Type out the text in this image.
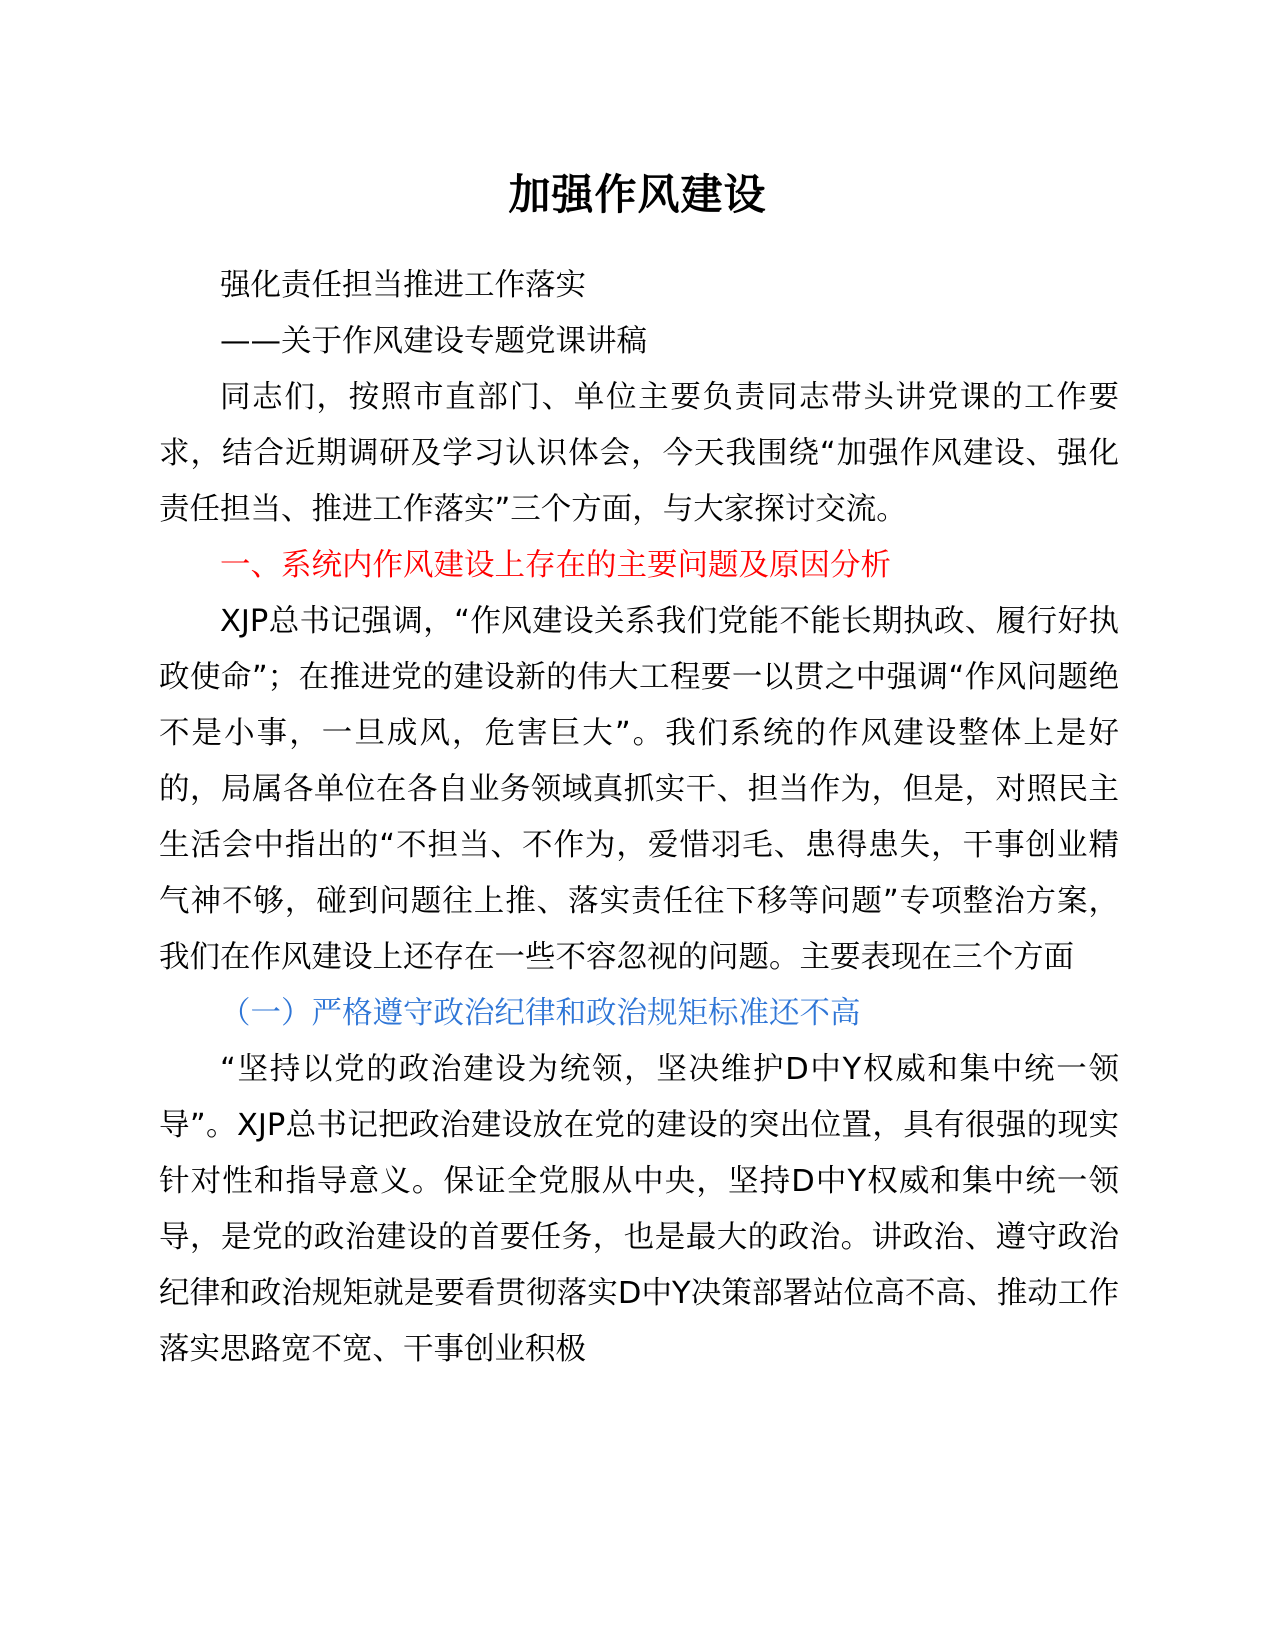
加强作风建设

强化责任担当推进工作落实

——关于作风建设专题党课讲稿

同志们，按照市直部门、单位主要负责同志带头讲党课的工作要求，结合近期调研及学习认识体会，今天我围绕“加强作风建设、强化责任担当、推进工作落实”三个方面，与大家探讨交流。

一、系统内作风建设上存在的主要问题及原因分析

XJP总书记强调，“作风建设关系我们党能不能长期执政、履行好执政使命”；在推进党的建设新的伟大工程要一以贯之中强调“作风问题绝不是小事，一旦成风，危害巨大”。我们系统的作风建设整体上是好的，局属各单位在各自业务领域真抓实干、担当作为，但是，对照民主生活会中指出的“不担当、不作为，爱惜羽毛、患得患失，干事创业精气神不够，碰到问题往上推、落实责任往下移等问题”专项整治方案，我们在作风建设上还存在一些不容忽视的问题。主要表现在三个方面

（一）严格遵守政治纪律和政治规矩标准还不高

“坚持以党的政治建设为统领，坚决维护D中Y权威和集中统一领导”。XJP总书记把政治建设放在党的建设的突出位置，具有很强的现实针对性和指导意义。保证全党服从中央，坚持D中Y权威和集中统一领导，是党的政治建设的首要任务，也是最大的政治。讲政治、遵守政治纪律和政治规矩就是要看贯彻落实D中Y决策部署站位高不高、推动工作落实思路宽不宽、干事创业积极
